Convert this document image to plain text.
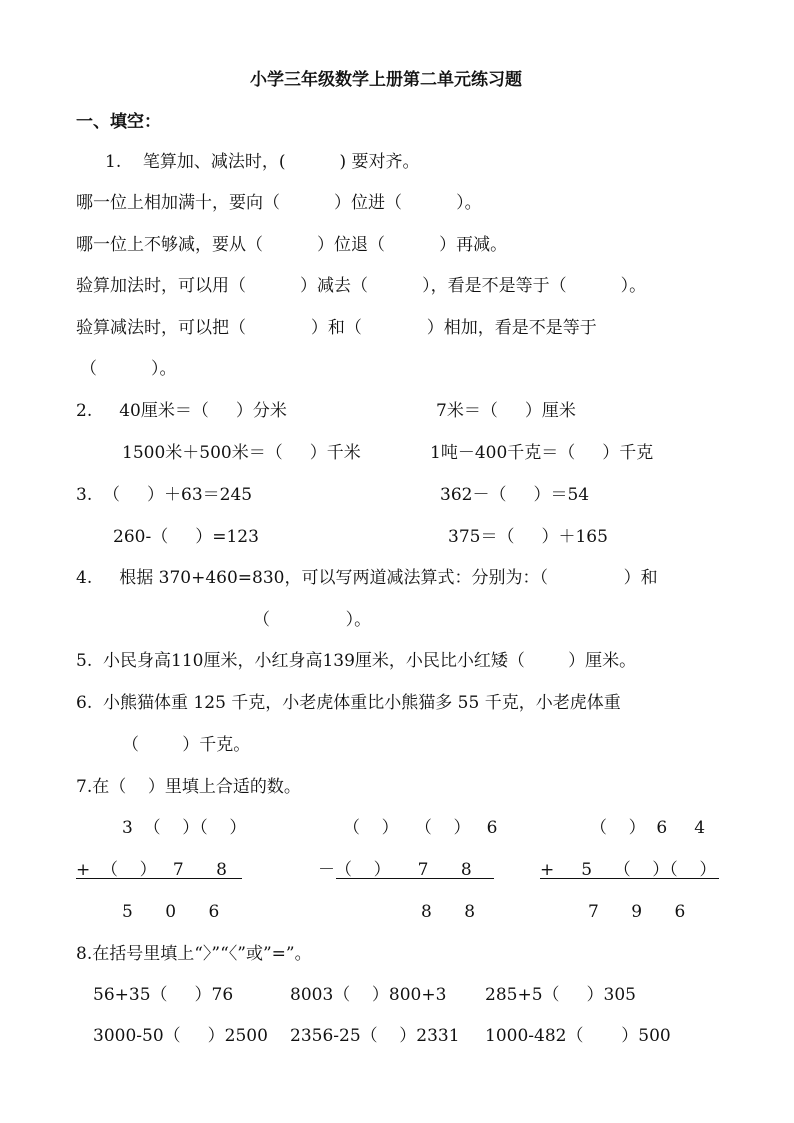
小学三年级数学上册第二单元练习题
一、填空：
1.    笔算加、减法时，(          ) 要对齐。
哪一位上相加满十，要向（          ）位进（          ）。
哪一位上不够减，要从（          ）位退（          ）再减。
验算加法时，可以用（          ）减去（          ），看是不是等于（          ）。
验算减法时，可以把（            ）和（            ）相加，看是不是等于
（          ）。
2.     40厘米＝（     ）分米	7米＝（     ）厘米
1500米＋500米＝（     ）千米	1吨－400千克＝（     ）千克
3.  （     ）＋63＝245	362－（     ）＝54
260-（     ）=123	375＝（     ）＋165
4.     根据 370+460=830，可以写两道减法算式：分别为：（              ）和
（              ）。
5.  小民身高110厘米，小红身高139厘米，小民比小红矮（        ）厘米。
6.  小熊猫体重 125 千克，小老虎体重比小熊猫多 55 千克，小老虎体重
（        ）千克。
7.在（    ）里填上合适的数。
3  （    ）（    ）
+  （    ）   7      8
5      0      6
（    ）   （    ）   6
－（    ）     7      8
8      8
（    ）  6     4
+     5    （    ）（    ）
7      9      6
8.在括号里填上“〉”“〈”或”=”。
56+35（     ）76	8003（    ）800+3 285+5（     ）305
3000-50（     ）2500 2356-25（    ）2331 1000-482（       ）500
